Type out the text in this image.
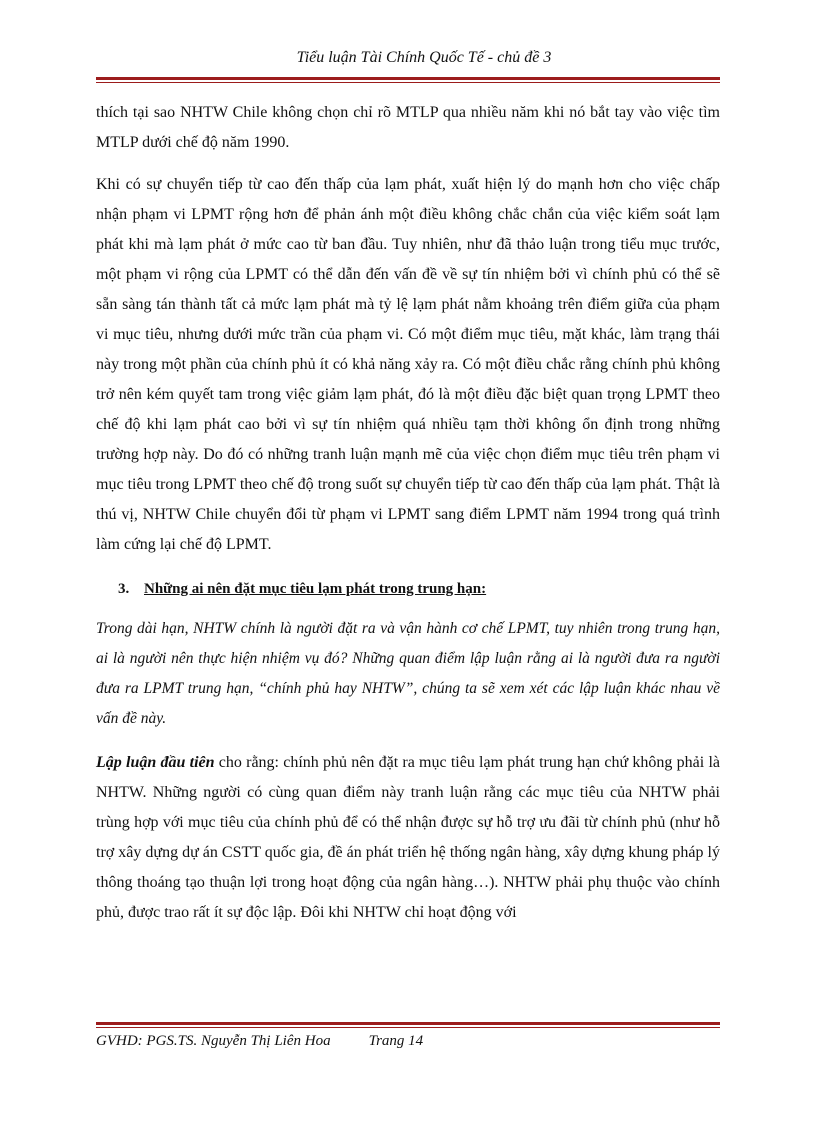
Tiểu luận Tài Chính Quốc Tế - chủ đề 3

thích tại sao NHTW Chile không chọn chỉ rõ MTLP qua nhiều năm khi nó bắt tay vào việc tìm MTLP dưới chế độ năm 1990.

Khi có sự chuyển tiếp từ cao đến thấp của lạm phát, xuất hiện lý do mạnh hơn cho việc chấp nhận phạm vi LPMT rộng hơn để phản ánh một điều không chắc chắn của việc kiểm soát lạm phát khi mà lạm phát ở mức cao từ ban đầu. Tuy nhiên, như đã thảo luận trong tiểu mục trước, một phạm vi rộng của LPMT có thể dẫn đến vấn đề về sự tín nhiệm bởi vì chính phủ có thể sẽ sẵn sàng tán thành tất cả mức lạm phát mà tỷ lệ lạm phát nằm khoảng trên điểm giữa của phạm vi mục tiêu, nhưng dưới mức trần của phạm vi. Có một điểm mục tiêu, mặt khác, làm trạng thái này trong một phần của chính phủ ít có khả năng xảy ra. Có một điều chắc rằng chính phủ không trở nên kém quyết tam trong việc giảm lạm phát, đó là một điều đặc biệt quan trọng LPMT theo chế độ khi lạm phát cao bởi vì sự tín nhiệm quá nhiều tạm thời không ổn định trong những trường hợp này. Do đó có những tranh luận mạnh mẽ của việc chọn điểm mục tiêu trên phạm vi mục tiêu trong LPMT theo chế độ trong suốt sự chuyển tiếp từ cao đến thấp của lạm phát. Thật là thú vị, NHTW Chile chuyển đổi từ phạm vi LPMT sang điểm LPMT năm 1994 trong quá trình làm cứng lại chế độ LPMT.

3. Những ai nên đặt mục tiêu lạm phát trong trung hạn:

Trong dài hạn, NHTW chính là người đặt ra và vận hành cơ chế LPMT, tuy nhiên trong trung hạn, ai là người nên thực hiện nhiệm vụ đó? Những quan điểm lập luận rằng ai là người đưa ra người đưa ra LPMT trung hạn, “chính phủ hay NHTW”, chúng ta sẽ xem xét các lập luận khác nhau về vấn đề này.

Lập luận đầu tiên cho rằng: chính phủ nên đặt ra mục tiêu lạm phát trung hạn chứ không phải là NHTW. Những người có cùng quan điểm này tranh luận rằng các mục tiêu của NHTW phải trùng hợp với mục tiêu của chính phủ để có thể nhận được sự hỗ trợ ưu đãi từ chính phủ (như hỗ trợ xây dựng dự án CSTT quốc gia, đề án phát triển hệ thống ngân hàng, xây dựng khung pháp lý thông thoáng tạo thuận lợi trong hoạt động của ngân hàng…). NHTW phải phụ thuộc vào chính phủ, được trao rất ít sự độc lập. Đôi khi NHTW chỉ hoạt động với

GVHD: PGS.TS. Nguyễn Thị Liên Hoa	Trang 14
